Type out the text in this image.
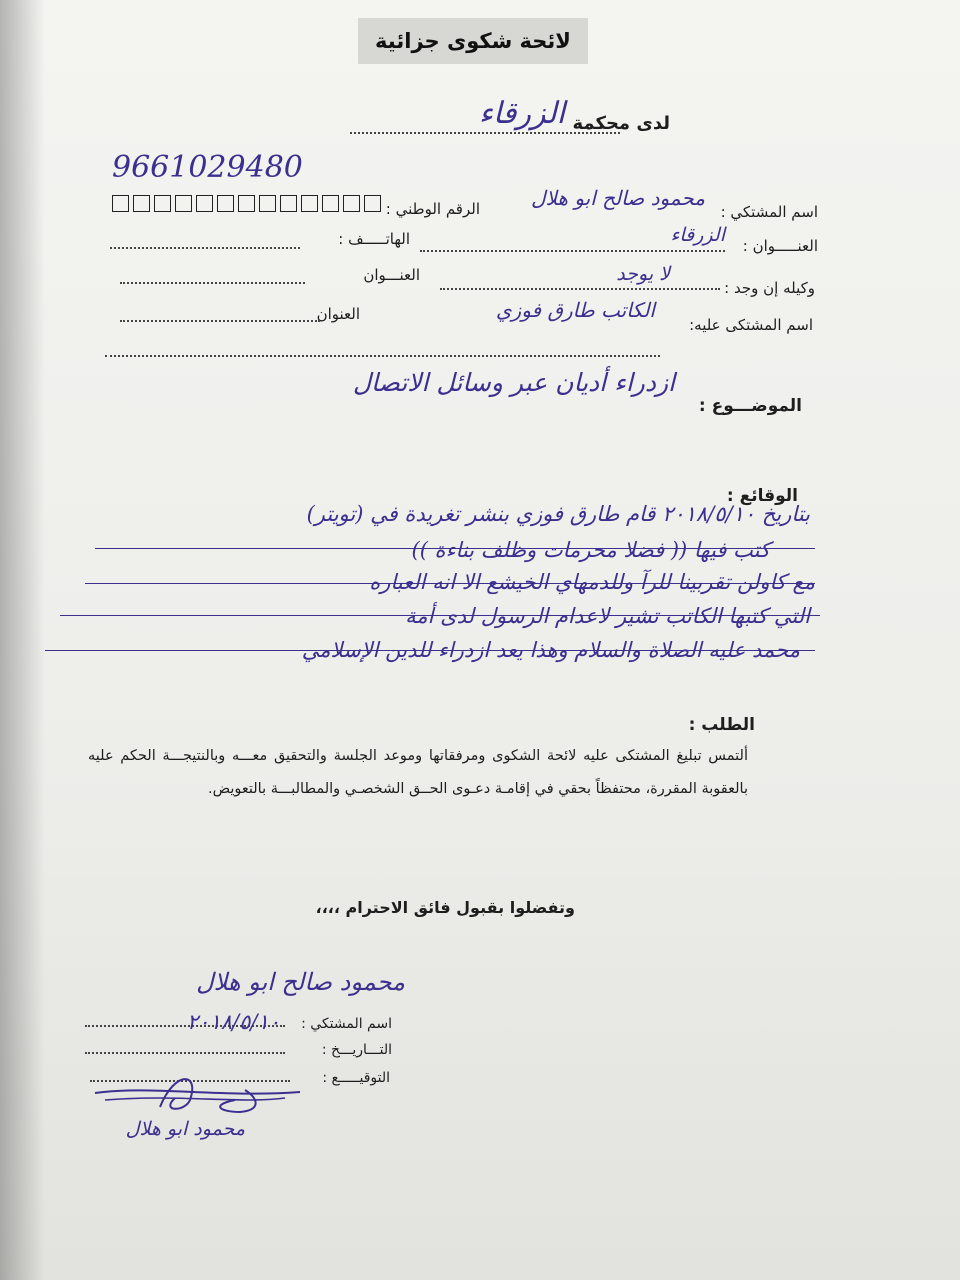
لائحة شكوى جزائية
لدى محكمة
الزرقاء
9661029480
اسم المشتكي :
محمود صالح ابو هلال
الرقم الوطني :
العنـــــوان :
الزرقاء
الهاتـــــف :
وكيله إن وجد :
لا يوجد
العنـــوان
اسم المشتكى عليه:
الكاتب طارق فوزي
العنوان
الموضـــوع :
ازدراء أديان عبر وسائل الاتصال
الوقائع :
بتاريخ ٢٠١٨/٥/١٠ قام طارق فوزي بنشر تغريدة في (تويتر)
كتب فيها (( فضلا محرمات وظلف بناءة ))
مع كاولن تقربينا للرآ وللدمهاي الخيشع الا انه العباره
التي كتبها الكاتب تشير لاعدام الرسول لدى أمة
محمد عليه الصلاة والسلام وهذا يعد ازدراء للدين الإسلامي
الطلب :
ألتمس تبليغ المشتكى عليه لائحة الشكوى ومرفقاتها وموعد الجلسة والتحقيق معـــه وبالنتيجـــة الحكم عليه بالعقوبة المقررة، محتفظاً بحقي في إقامـة دعـوى الحــق الشخصـي والمطالبـــة بالتعويض.
وتفضلوا بقبول فائق الاحترام ،،،،
محمود صالح ابو هلال
اسم المشتكي :
التـــاريـــخ :
٢٠١٨/٥/١٠
التوقيـــــع :
محمود ابو هلال
